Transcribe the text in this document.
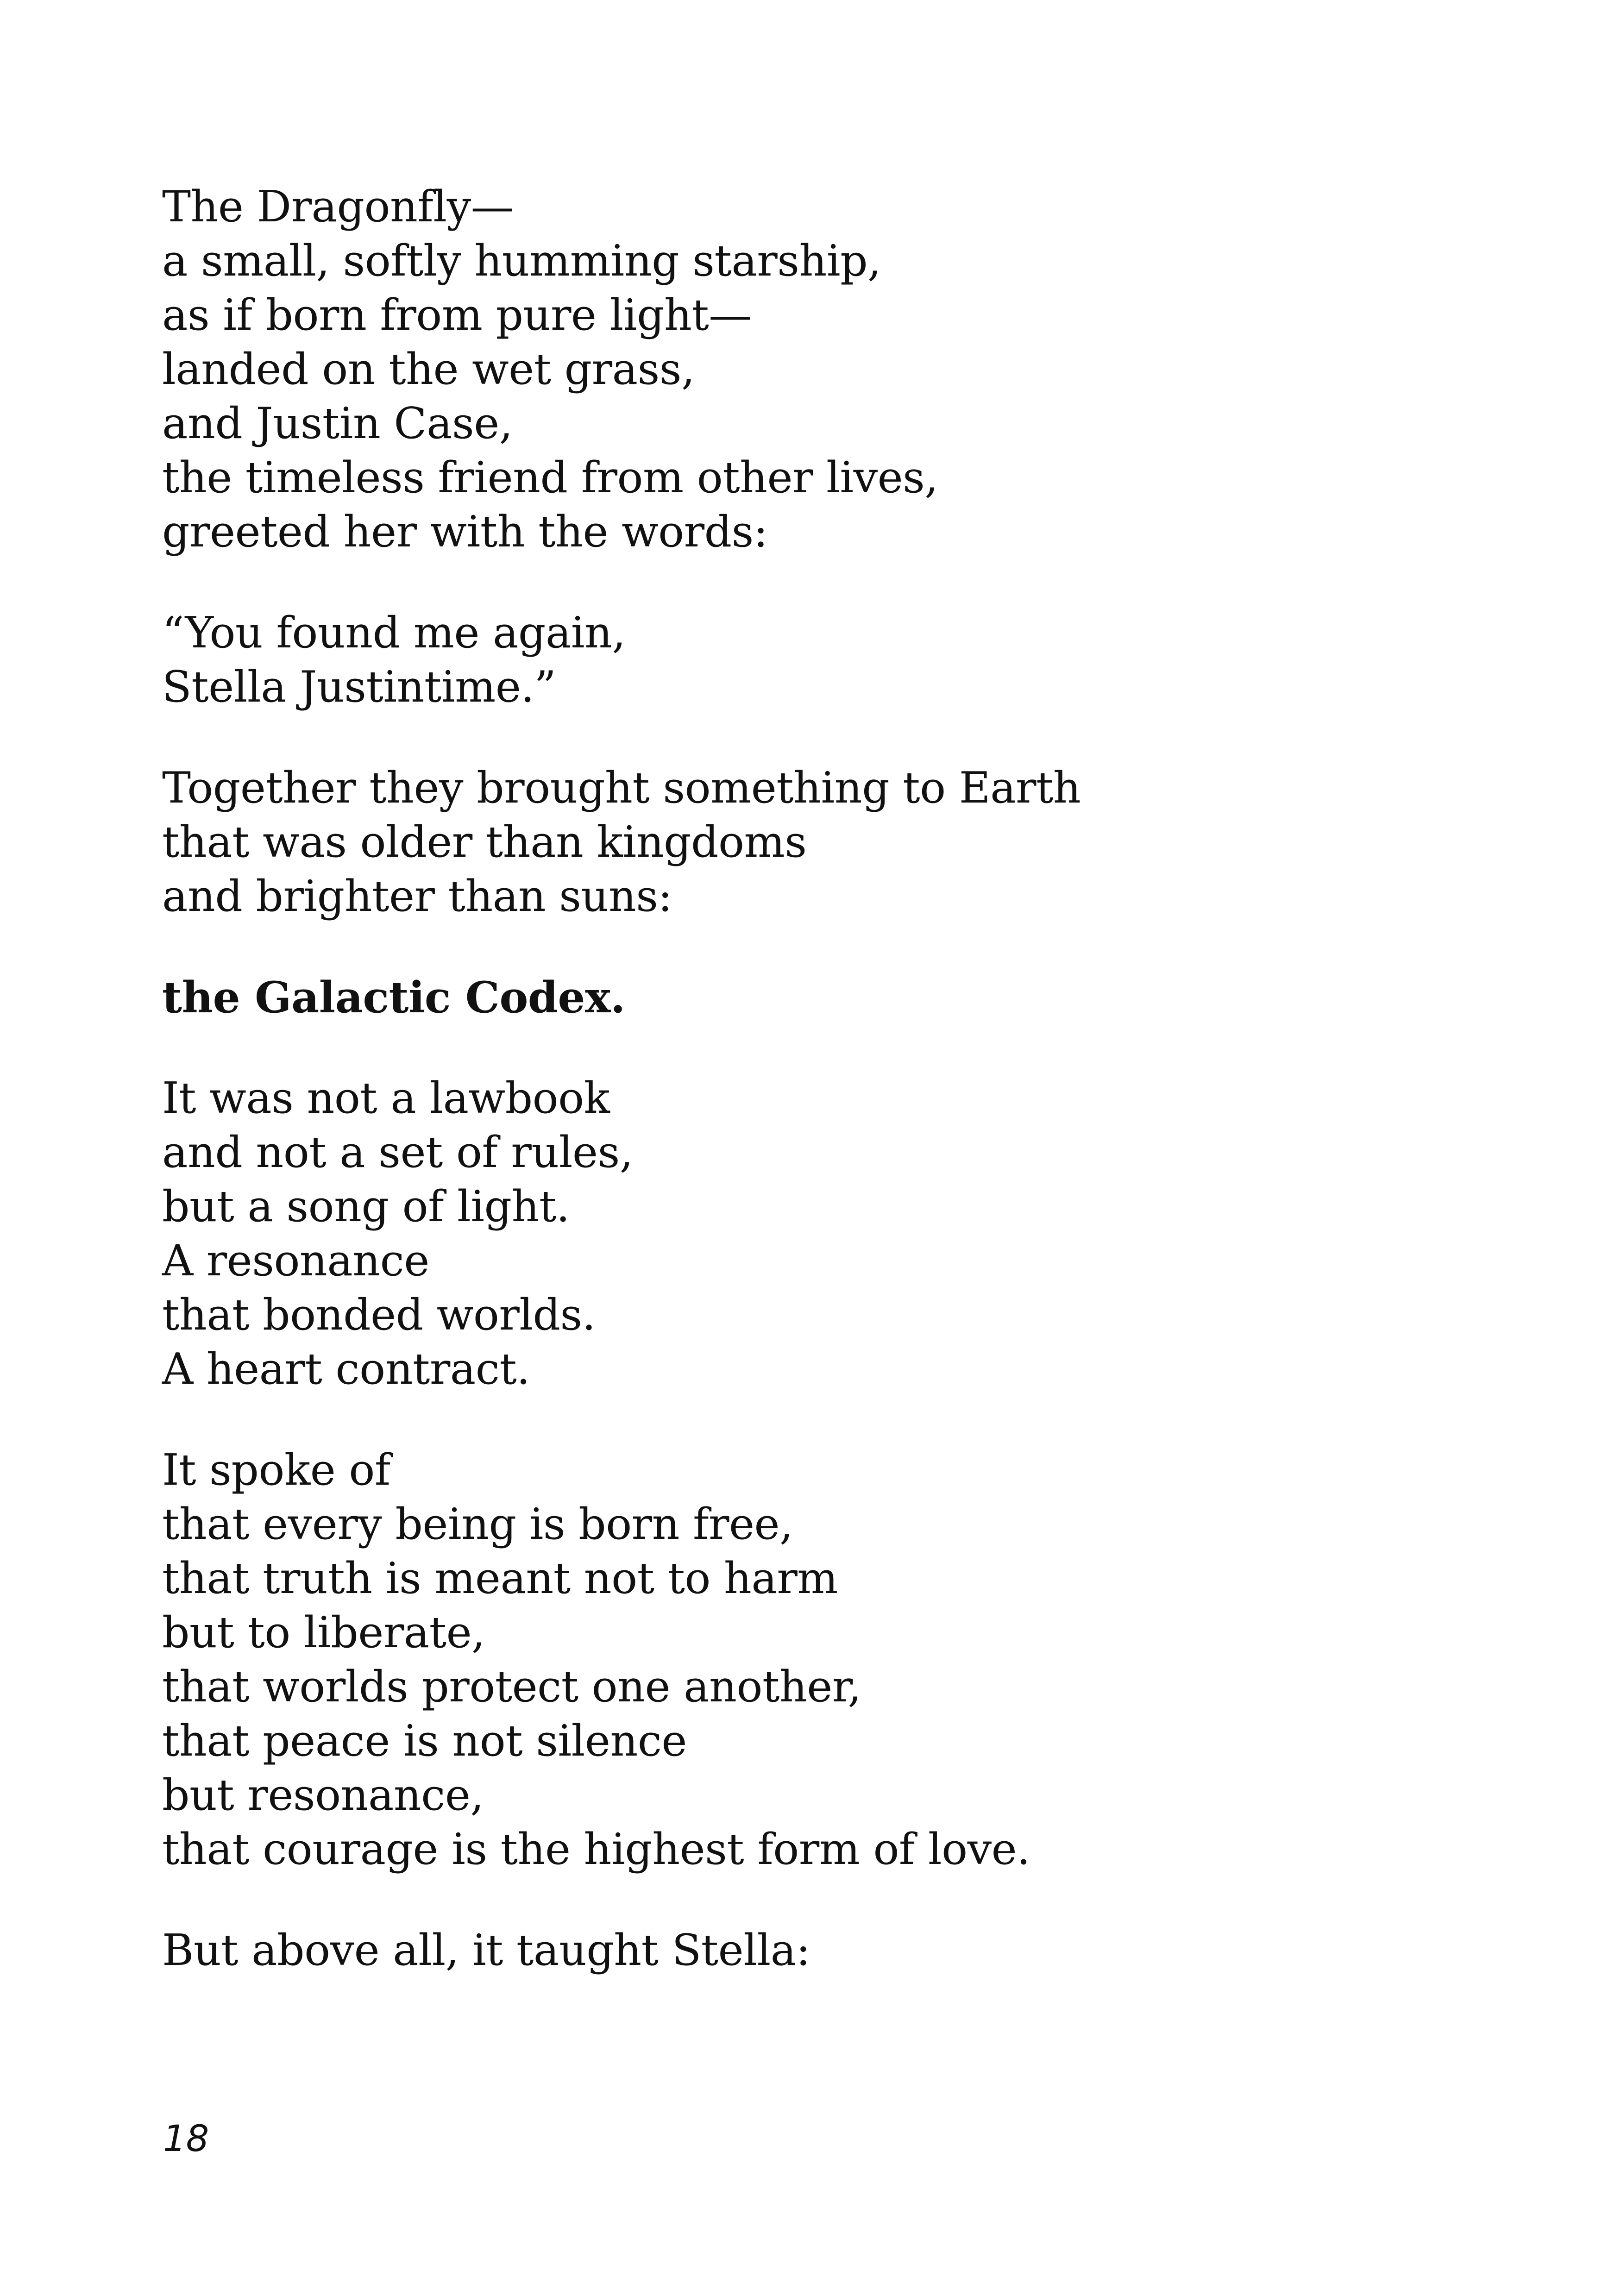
The Dragonfly—
a small, softly humming starship,
as if born from pure light—
landed on the wet grass,
and Justin Case,
the timeless friend from other lives,
greeted her with the words:
“You found me again,
Stella Justintime.”
Together they brought something to Earth
that was older than kingdoms
and brighter than suns:
the Galactic Codex.
It was not a lawbook
and not a set of rules,
but a song of light.
A resonance
that bonded worlds.
A heart contract.
It spoke of
that every being is born free,
that truth is meant not to harm
but to liberate,
that worlds protect one another,
that peace is not silence
but resonance,
that courage is the highest form of love.
But above all, it taught Stella:
18
